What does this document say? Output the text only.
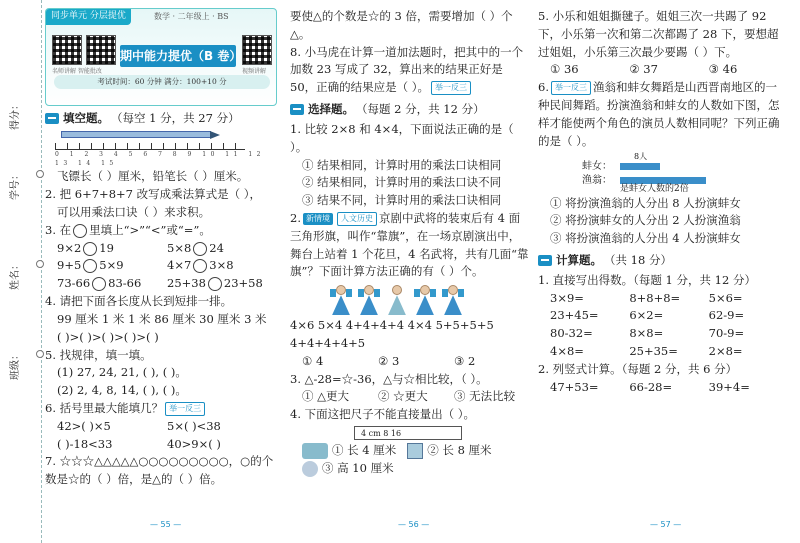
得分：
学号：
姓名：
班级：
同步单元 分层提优	数学 · 二年级上 · BS
名师讲解 智能批改	视频讲解
期中能力提优（B 卷）
考试时间：60 分钟 满分：100+10 分
填空题。 （每空 1 分，共 27 分）
0 1 2 3 4 5 6 7 8 9 10 11 12 13 14 15
飞镖长（ ）厘米，铅笔长（ ）厘米。
2. 把 6+7+8+7 改写成乘法算式是（ ），
可以用乘法口诀（ ）来求积。
3. 在 里填上“>”“<”或“=”。
9×2 19	5×8 24
9+5 5×9	4×7 3×8
73-66 83-66	25+38 23+58
4. 请把下面各长度从长到短排一排。
99 厘米 1 米 1 米 86 厘米 30 厘米 3 米
( )>( )>( )>( )>( )
5. 找规律，填一填。
(1) 27, 24, 21, ( ), ( )。
(2) 2, 4, 8, 14, ( ), ( )。
6. 括号里最大能填几？ 举一反三
42>( )×5	5×( )<38
( )-18<33	40>9×( )
7. ☆☆☆△△△△△○○○○○○○○○，○的个数是☆的（ ）倍，是△的（ ）倍。
— 55 —
要使△的个数是☆的 3 倍，需要增加（ ）个△。
8. 小马虎在计算一道加法题时，把其中的一个加数 23 写成了 32，算出来的结果正好是 50，正确的结果应是（ ）。 举一反三
选择题。 （每题 2 分，共 12 分）
1. 比较 2×8 和 4×4，下面说法正确的是（ ）。
① 结果相同，计算时用的乘法口诀相同
② 结果相同，计算时用的乘法口诀不同
③ 结果不同，计算时用的乘法口诀相同
2. 新情境 人文历史 京剧中武将的装束后有 4 面三角形旗，叫作“靠旗”，在一场京剧演出中，舞台上站着 1 个花旦，4 名武将，共有几面“靠旗”？下面计算方法正确的有（ ）个。
4×6 5×4 4+4+4+4 4×4 5+5+5+5 4+4+4+4+5
① 4	② 3	③ 2
3. △-28=☆-36，△与☆相比较，（ ）。
① △更大	② ☆更大	③ 无法比较
4. 下面这把尺子不能直接量出（ ）。
4 cm 8 16
① 长 4 厘米	② 长 8 厘米
③ 高 10 厘米
— 56 —
5. 小乐和姐姐撕毽子。姐姐三次一共踢了 92 下，小乐第一次和第二次都踢了 28 下，要想超过姐姐，小乐第三次最少要踢（ ）下。
① 36	② 37	③ 46
6. 举一反三 渔翁和蚌女舞蹈是山西晋南地区的一种民间舞蹈。扮演渔翁和蚌女的人数如下图，怎样才能使两个角色的演员人数相同呢？下列正确的是（ ）。
8人
蚌女：
渔翁：
是蚌女人数的2倍
① 将扮演渔翁的人分出 8 人扮演蚌女
② 将扮演蚌女的人分出 2 人扮演渔翁
③ 将扮演渔翁的人分出 4 人扮演蚌女
计算题。 （共 18 分）
1. 直接写出得数。（每题 1 分，共 12 分）
3×9=	8+8+8=	5×6=
23+45=	6×2=	62-9=
80-32=	8×8=	70-9=
4×8=	25+35=	2×8=
2. 列竖式计算。（每题 2 分，共 6 分）
47+53=	66-28=	39+4=
— 57 —
